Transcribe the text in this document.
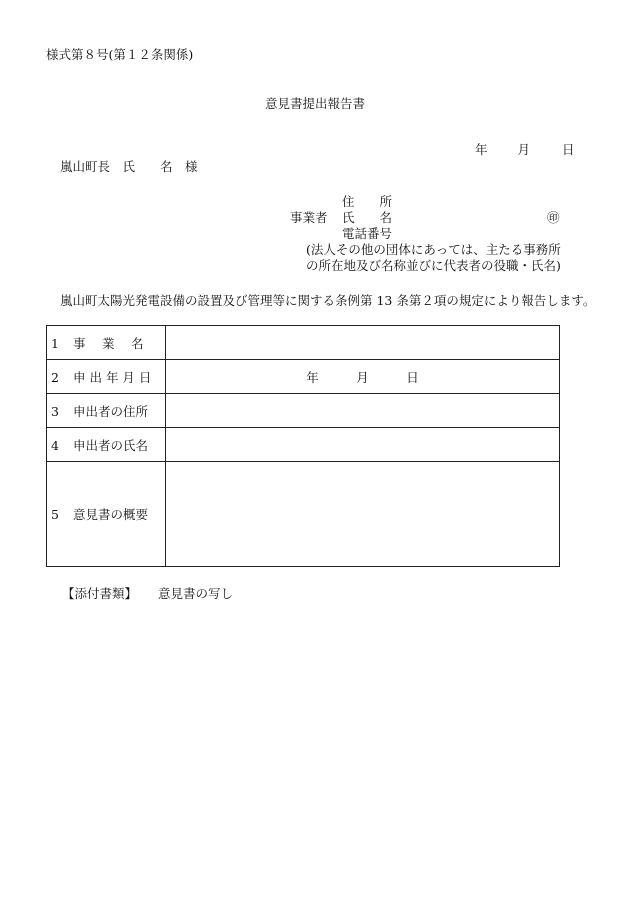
様式第８号(第１２条関係)
意見書提出報告書
年 月	日
嵐山町長　氏　　名　様
住　　所
事業者 氏　　名	㊞
電話番号
(法人その他の団体にあっては、主たる事務所
の所在地及び名称並びに代表者の役職・氏名)
嵐山町太陽光発電設備の設置及び管理等に関する条例第 13 条第２項の規定により報告します。
1 事　 業　 名	
2 申 出 年 月 日	年　　　月　　　日
3 申出者の住所	
4 申出者の氏名	
5 意見書の概要	
【添付書類】 意見書の写し
